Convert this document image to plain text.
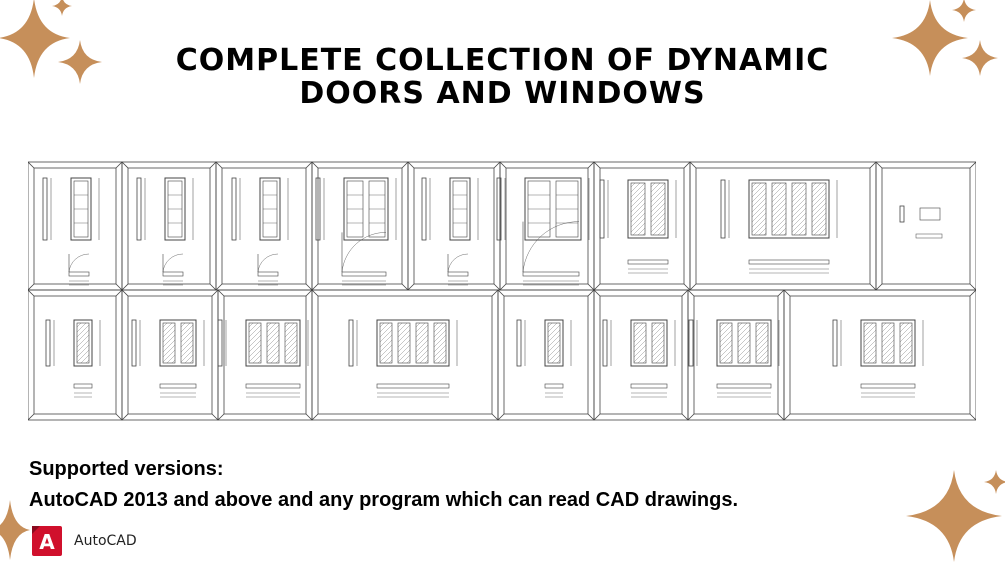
COMPLETE COLLECTION OF DYNAMIC
DOORS AND WINDOWS

Supported versions:

AutoCAD 2013 and above and any program which can read CAD drawings.

A AutoCAD
